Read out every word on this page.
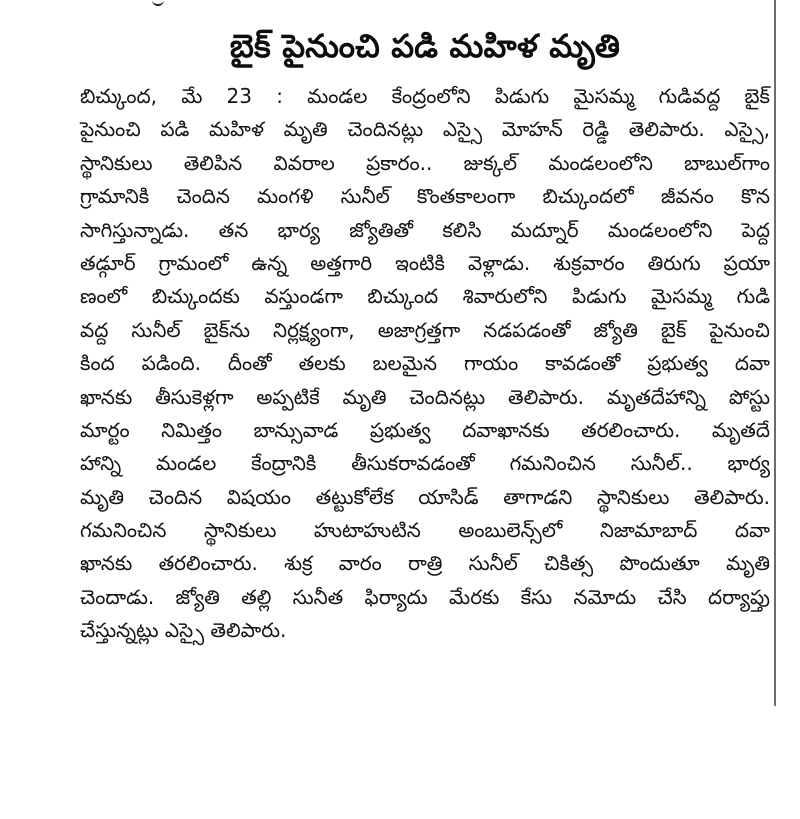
బైక్ పైనుంచి పడి మహిళ మృతి
బిచ్కుంద, మే 23 : మండల కేంద్రంలోని పిడుగు మైసమ్మ గుడివద్ద బైక్
పైనుంచి పడి మహిళ మృతి చెందినట్లు ఎస్సై మోహన్ రెడ్డి తెలిపారు. ఎస్సై,
స్థానికులు తెలిపిన వివరాల ప్రకారం.. జుక్కల్ మండలంలోని బాబుల్‌గాం
గ్రామానికి చెందిన మంగళి సునీల్ కొంతకాలంగా బిచ్కుందలో జీవనం కొన
సాగిస్తున్నాడు. తన భార్య జ్యోతితో కలిసి మద్నూర్ మండలంలోని పెద్ద
తడ్గూర్ గ్రామంలో ఉన్న అత్తగారి ఇంటికి వెళ్లాడు. శుక్రవారం తిరుగు ప్రయా
ణంలో బిచ్కుందకు వస్తుండగా బిచ్కుంద శివారులోని పిడుగు మైసమ్మ గుడి
వద్ద సునీల్ బైక్‌ను నిర్లక్ష్యంగా, అజాగ్రత్తగా నడపడంతో జ్యోతి బైక్ పైనుంచి
కింద పడింది. దీంతో తలకు బలమైన గాయం కావడంతో ప్రభుత్వ దవా
ఖానకు తీసుకెళ్లగా అప్పటికే మృతి చెందినట్లు తెలిపారు. మృతదేహాన్ని పోస్టు
మార్టం నిమిత్తం బాన్సువాడ ప్రభుత్వ దవాఖానకు తరలించారు. మృతదే
హాన్ని మండల కేంద్రానికి తీసుకరావడంతో గమనించిన సునీల్.. భార్య
మృతి చెందిన విషయం తట్టుకోలేక యాసిడ్ తాగాడని స్థానికులు తెలిపారు.
గమనించిన స్థానికులు హుటాహుటిన అంబులెన్స్‌లో నిజామాబాద్ దవా
ఖానకు తరలించారు. శుక్ర వారం రాత్రి సునీల్ చికిత్స పొందుతూ మృతి
చెందాడు. జ్యోతి తల్లి సునీత ఫిర్యాదు మేరకు కేసు నమోదు చేసి దర్యాప్తు
చేస్తున్నట్లు ఎస్సై తెలిపారు.
